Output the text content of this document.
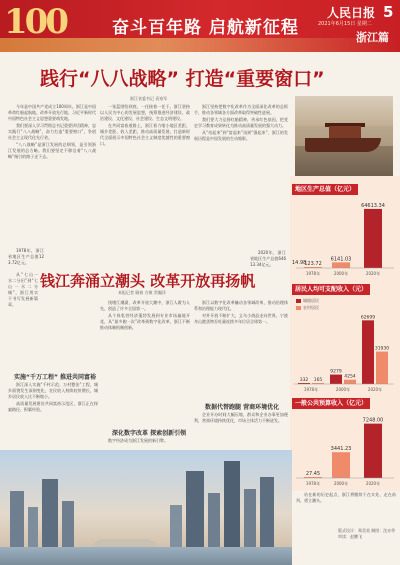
100	奋斗百年路 启航新征程
人民日报 5
2021年6月15日 星期二
浙江篇
践行“八八战略” 打造“重要窗口”
浙江省委书记 袁家军

今年是中国共产党成立100周年。浙江是中国革命红船起航地、改革开放先行地、习近平新时代中国特色社会主义思想重要萌发地。

我们要深入学习贯彻总书记重要讲话精神，忠实践行“八八战略”，奋力打造“重要窗口”，争创社会主义现代化先行省。

“八八战略”是浙江发展的总纲领，是引领浙江发展的总方略。我们要坚定不移沿着“八八战略”指引的路子走下去。

一张蓝图绘到底，一任接着一任干。浙江坚持以人民为中心的发展思想，统筹推进经济建设、政治建设、文化建设、社会建设、生态文明建设。

在共同富裕道路上，浙江着力缩小地区差距、城乡差距、收入差距，推动高质量发展，打造新时代全面展示中国特色社会主义制度优越性的重要窗口。

浙江坚持把数字化改革作为全面深化改革的总抓手，推动各领域各方面改革取得突破性进展。

我们要大力弘扬红船精神，传承红色基因，把党史学习教育成果转化为推动高质量发展的强大动力。

从“站起来”到“富起来”再到“强起来”，浙江的发展历程是中国发展的生动缩影。

地区生产总值（亿元）
123.72
1978年
6141.03
2000年
64613.34
2020年
14.98
居民人均可支配收入（元）
城镇居民
农村居民
332
9279
62699
165
4254
31930
1978年	2000年	2020年
一般公共预算收入（亿元）
27.45
1978年
3441.23
2000年
7248.00
2020年

1978年，浙江省地区生产总值123.72亿元。

2020年，浙江省地区生产总值64613.34亿元。

钱江奔涌立潮头 改革开放再扬帆
本报记者 顾春 方敏 窦瀚洋

从“七山一水二分田”到“七山一水二分城”，浙江用实干书写发展新篇章。

实施“千万工程” 推进共同富裕

浙江深入实施“千村示范、万村整治”工程，城乡面貌发生深刻变化，农民收入持续较快增长，城乡居民收入比不断缩小。

高质量发展建设共同富裕示范区，浙江正在探索路径、积累经验。

钱塘江潮涌，改革开放大潮中，浙江人敢为人先，创造了许多全国第一。

从个体私营经济蓬勃发展到专业市场遍地开花，从“最多跑一次”改革到数字化改革，浙江不断推动体制机制创新。

深化数字改革 探索创新引领

数字经济成为浙江发展的新引擎。

浙江以数字化改革撬动各领域改革，推动治理体系和治理能力现代化。

对外开放不断扩大，义乌小商品走向世界，宁波舟山港货物吞吐量连续多年位居全球第一。

数据代替跑腿 营商环境优化

企业开办时间大幅压缩，群众和企业办事更加便利，营商环境持续优化，市场主体活力不断迸发。

站在新的历史起点，浙江将继续干在实处、走在前列、勇立潮头。

版式设计：郑美英 制图：沈亦伶 审读：赵鹏飞
